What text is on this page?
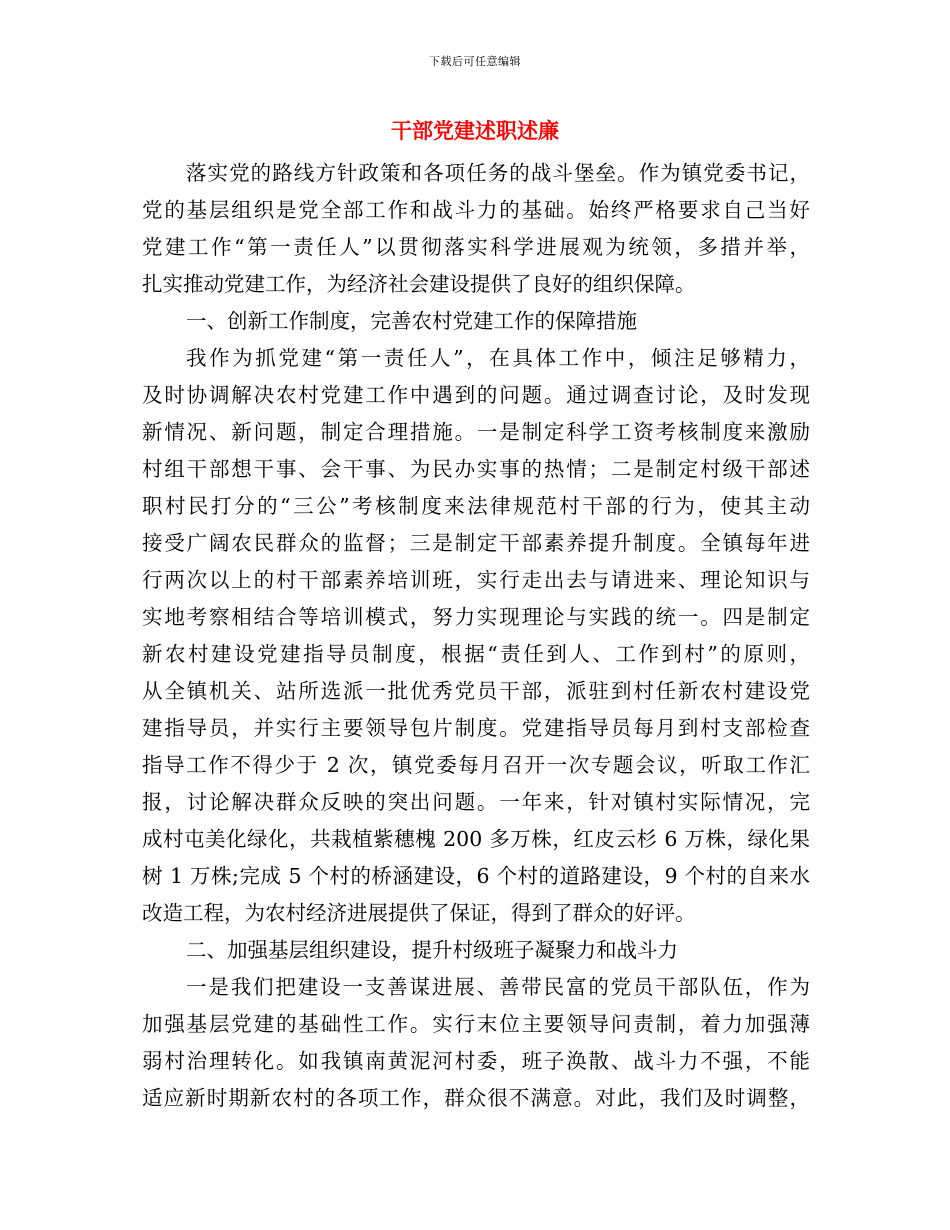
下载后可任意编辑
干部党建述职述廉
落实党的路线方针政策和各项任务的战斗堡垒。作为镇党委书记，
党的基层组织是党全部工作和战斗力的基础。始终严格要求自己当好
党建工作“第一责任人”以贯彻落实科学进展观为统领，多措并举，
扎实推动党建工作，为经济社会建设提供了良好的组织保障。
一、创新工作制度，完善农村党建工作的保障措施
我作为抓党建“第一责任人”，在具体工作中，倾注足够精力，
及时协调解决农村党建工作中遇到的问题。通过调查讨论，及时发现
新情况、新问题，制定合理措施。一是制定科学工资考核制度来激励
村组干部想干事、会干事、为民办实事的热情；二是制定村级干部述
职村民打分的“三公”考核制度来法律规范村干部的行为，使其主动
接受广阔农民群众的监督；三是制定干部素养提升制度。全镇每年进
行两次以上的村干部素养培训班，实行走出去与请进来、理论知识与
实地考察相结合等培训模式，努力实现理论与实践的统一。四是制定
新农村建设党建指导员制度，根据“责任到人、工作到村”的原则，
从全镇机关、站所选派一批优秀党员干部，派驻到村任新农村建设党
建指导员，并实行主要领导包片制度。党建指导员每月到村支部检查
指导工作不得少于 2 次，镇党委每月召开一次专题会议，听取工作汇
报，讨论解决群众反映的突出问题。一年来，针对镇村实际情况，完
成村屯美化绿化，共栽植紫穗槐 200 多万株，红皮云杉 6 万株，绿化果
树 1 万株;完成 5 个村的桥涵建设，6 个村的道路建设，9 个村的自来水
改造工程，为农村经济进展提供了保证，得到了群众的好评。
二、加强基层组织建设，提升村级班子凝聚力和战斗力
一是我们把建设一支善谋进展、善带民富的党员干部队伍，作为
加强基层党建的基础性工作。实行末位主要领导问责制，着力加强薄
弱村治理转化。如我镇南黄泥河村委，班子涣散、战斗力不强，不能
适应新时期新农村的各项工作，群众很不满意。对此，我们及时调整，
